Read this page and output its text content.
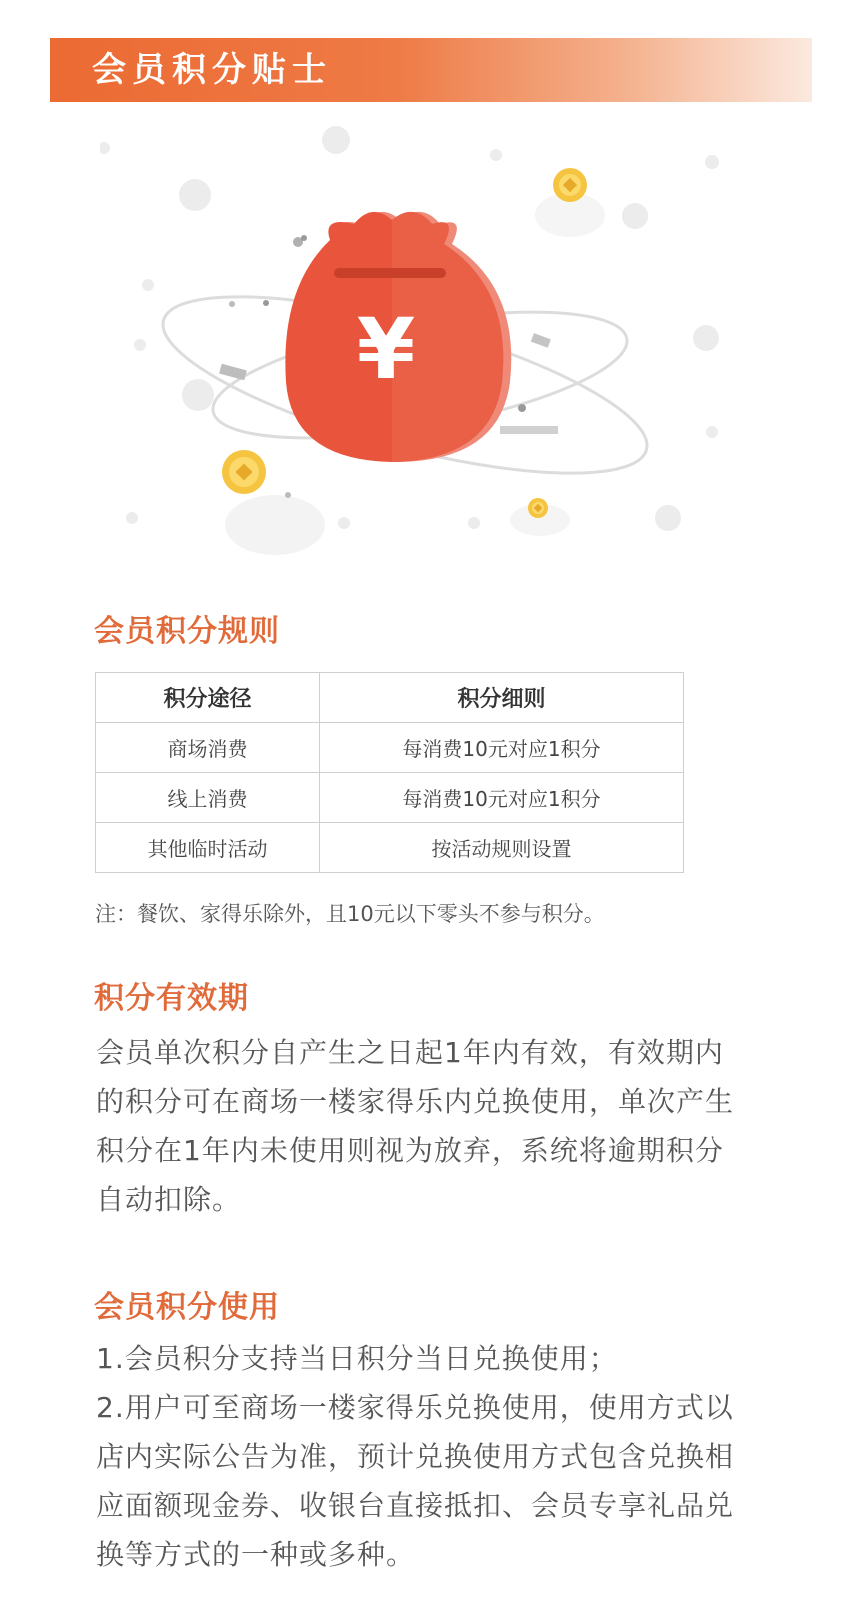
会员积分贴士
¥
会员积分规则
积分途径	积分细则
商场消费	每消费10元对应1积分
线上消费	每消费10元对应1积分
其他临时活动	按活动规则设置
注：餐饮、家得乐除外，且10元以下零头不参与积分。
积分有效期
会员单次积分自产生之日起1年内有效，有效期内
的积分可在商场一楼家得乐内兑换使用，单次产生
积分在1年内未使用则视为放弃，系统将逾期积分
自动扣除。
会员积分使用
1.会员积分支持当日积分当日兑换使用；
2.用户可至商场一楼家得乐兑换使用，使用方式以
店内实际公告为准，预计兑换使用方式包含兑换相
应面额现金券、收银台直接抵扣、会员专享礼品兑
换等方式的一种或多种。
